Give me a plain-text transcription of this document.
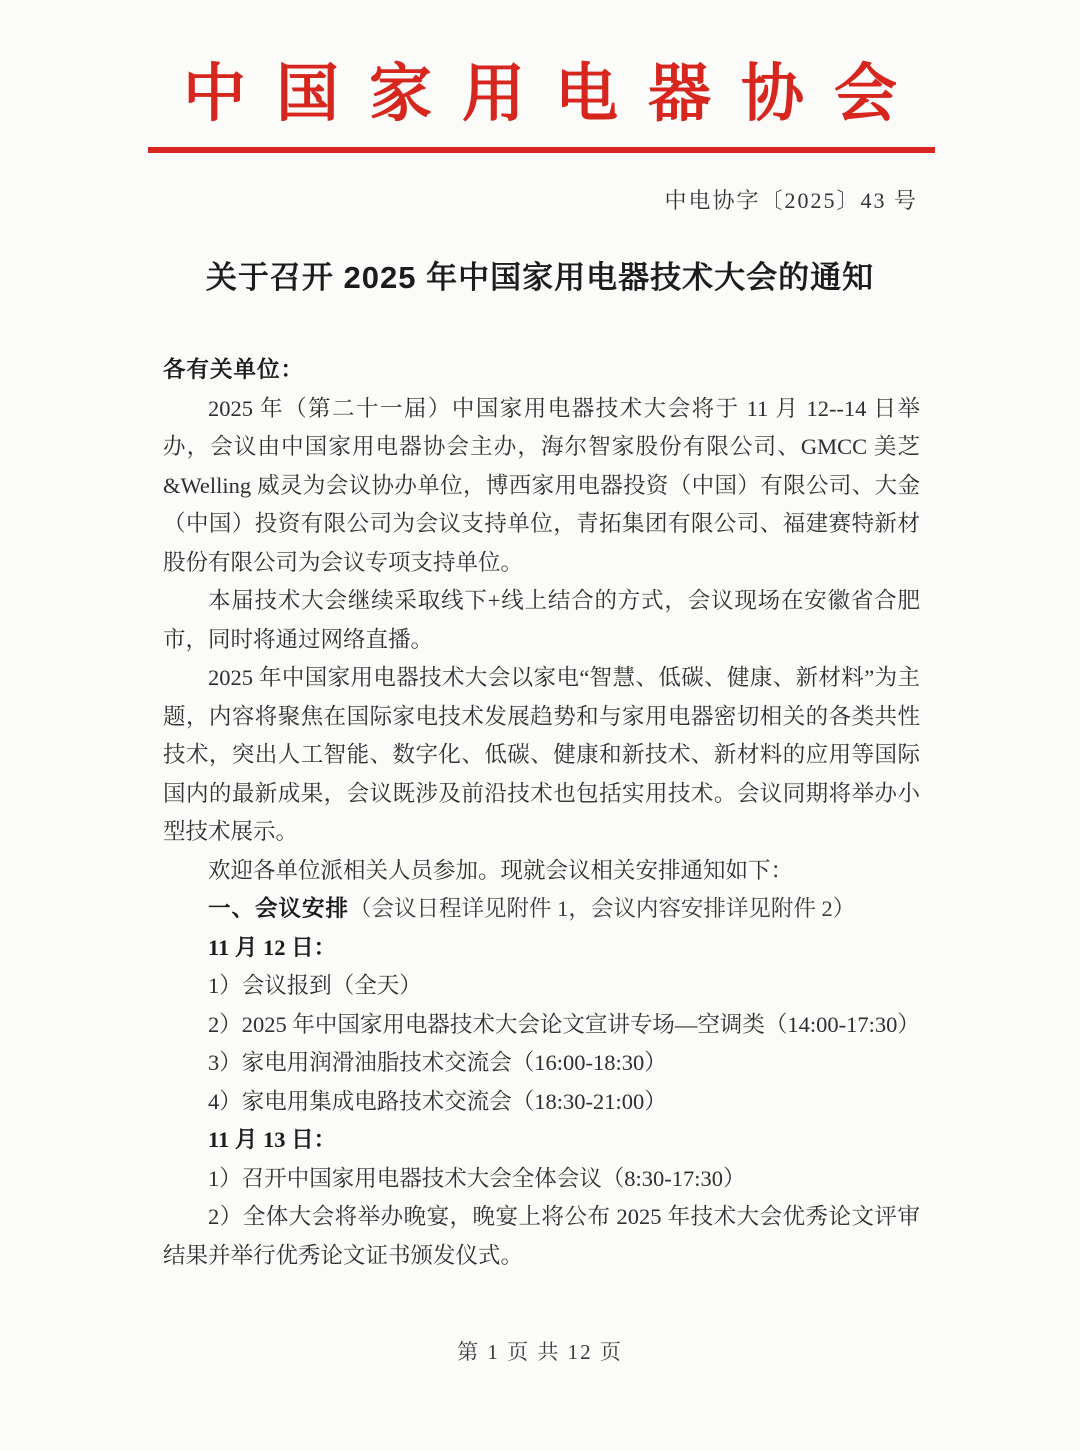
中国家用电器协会
中电协字〔2025〕43 号
关于召开 2025 年中国家用电器技术大会的通知

各有关单位：

2025 年（第二十一届）中国家用电器技术大会将于 11 月 12--14 日举办，会议由中国家用电器协会主办，海尔智家股份有限公司、GMCC 美芝&Welling 威灵为会议协办单位，博西家用电器投资（中国）有限公司、大金（中国）投资有限公司为会议支持单位，青拓集团有限公司、福建赛特新材股份有限公司为会议专项支持单位。

本届技术大会继续采取线下+线上结合的方式，会议现场在安徽省合肥市，同时将通过网络直播。

2025 年中国家用电器技术大会以家电“智慧、低碳、健康、新材料”为主题，内容将聚焦在国际家电技术发展趋势和与家用电器密切相关的各类共性技术，突出人工智能、数字化、低碳、健康和新技术、新材料的应用等国际国内的最新成果，会议既涉及前沿技术也包括实用技术。会议同期将举办小型技术展示。

欢迎各单位派相关人员参加。现就会议相关安排通知如下：

一、会议安排（会议日程详见附件 1，会议内容安排详见附件 2）

11 月 12 日：

1）会议报到（全天）

2）2025 年中国家用电器技术大会论文宣讲专场—空调类（14:00-17:30）

3）家电用润滑油脂技术交流会（16:00-18:30）

4）家电用集成电路技术交流会（18:30-21:00）

11 月 13 日：

1）召开中国家用电器技术大会全体会议（8:30-17:30）

2）全体大会将举办晚宴，晚宴上将公布 2025 年技术大会优秀论文评审结果并举行优秀论文证书颁发仪式。

第 1 页 共 12 页
